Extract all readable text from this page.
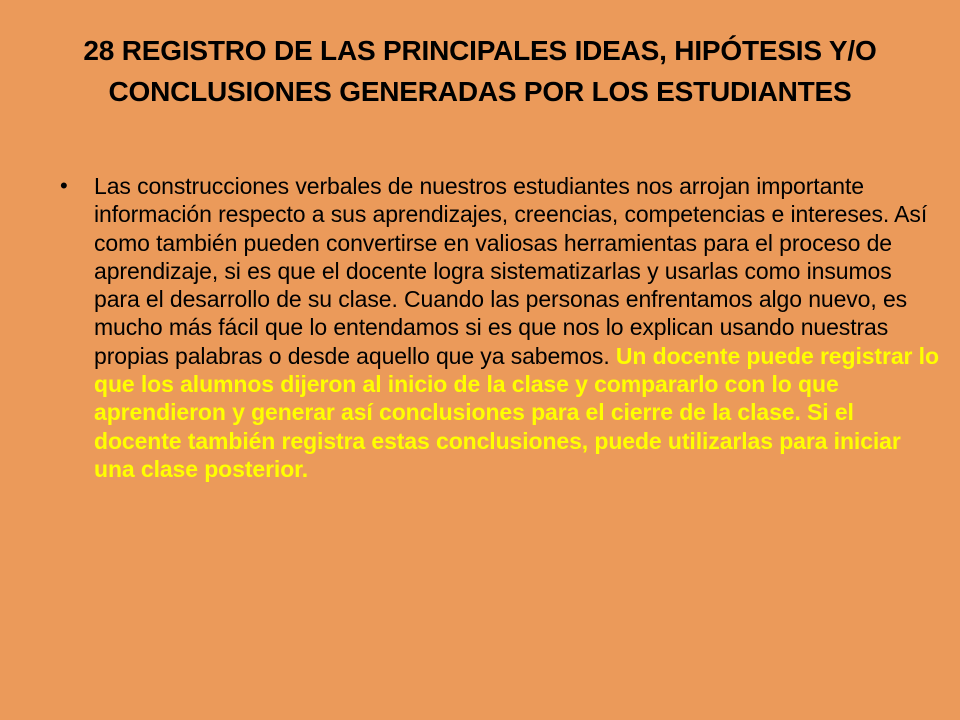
28 REGISTRO DE LAS PRINCIPALES IDEAS, HIPÓTESIS Y/O CONCLUSIONES GENERADAS POR LOS ESTUDIANTES
•	Las construcciones verbales de nuestros estudiantes nos arrojan importante información respecto a sus aprendizajes, creencias, competencias e intereses. Así como también pueden convertirse en valiosas herramientas para el proceso de aprendizaje, si es que el docente logra sistematizarlas y usarlas como insumos para el desarrollo de su clase. Cuando las personas enfrentamos algo nuevo, es mucho más fácil que lo entendamos si es que nos lo explican usando nuestras propias palabras o desde aquello que ya sabemos. Un docente puede registrar lo que los alumnos dijeron al inicio de la clase y compararlo con lo que aprendieron y generar así conclusiones para el cierre de la clase. Si el docente también registra estas conclusiones, puede utilizarlas para iniciar una clase posterior.
